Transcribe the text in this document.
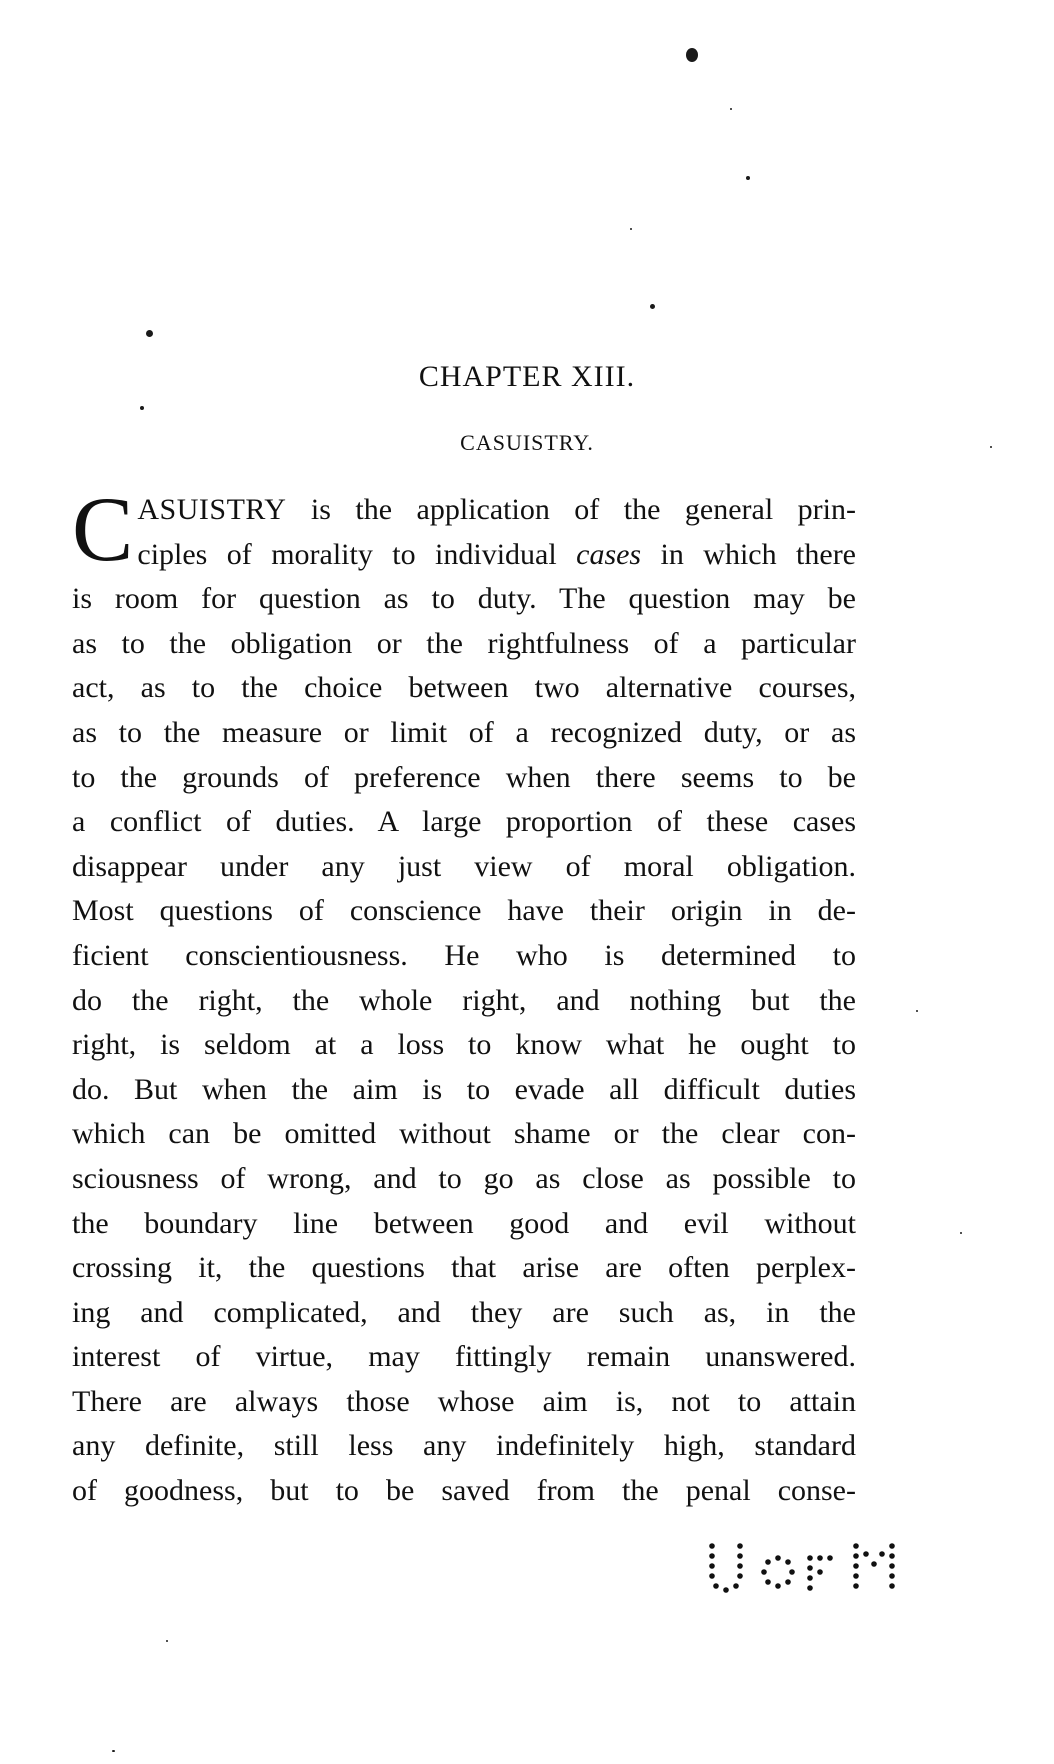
CHAPTER XIII.
CASUISTRY.
C ASUISTRY is the application of the general prin-
ciples of morality to individual cases in which there
is room for question as to duty. The question may be
as to the obligation or the rightfulness of a particular
act, as to the choice between two alternative courses,
as to the measure or limit of a recognized duty, or as
to the grounds of preference when there seems to be
a conflict of duties. A large proportion of these cases
disappear under any just view of moral obligation.
Most questions of conscience have their origin in de-
ficient conscientiousness. He who is determined to
do the right, the whole right, and nothing but the
right, is seldom at a loss to know what he ought to
do. But when the aim is to evade all difficult duties
which can be omitted without shame or the clear con-
sciousness of wrong, and to go as close as possible to
the boundary line between good and evil without
crossing it, the questions that arise are often perplex-
ing and complicated, and they are such as, in the
interest of virtue, may fittingly remain unanswered.
There are always those whose aim is, not to attain
any definite, still less any indefinitely high, standard
of goodness, but to be saved from the penal conse-
U of M
